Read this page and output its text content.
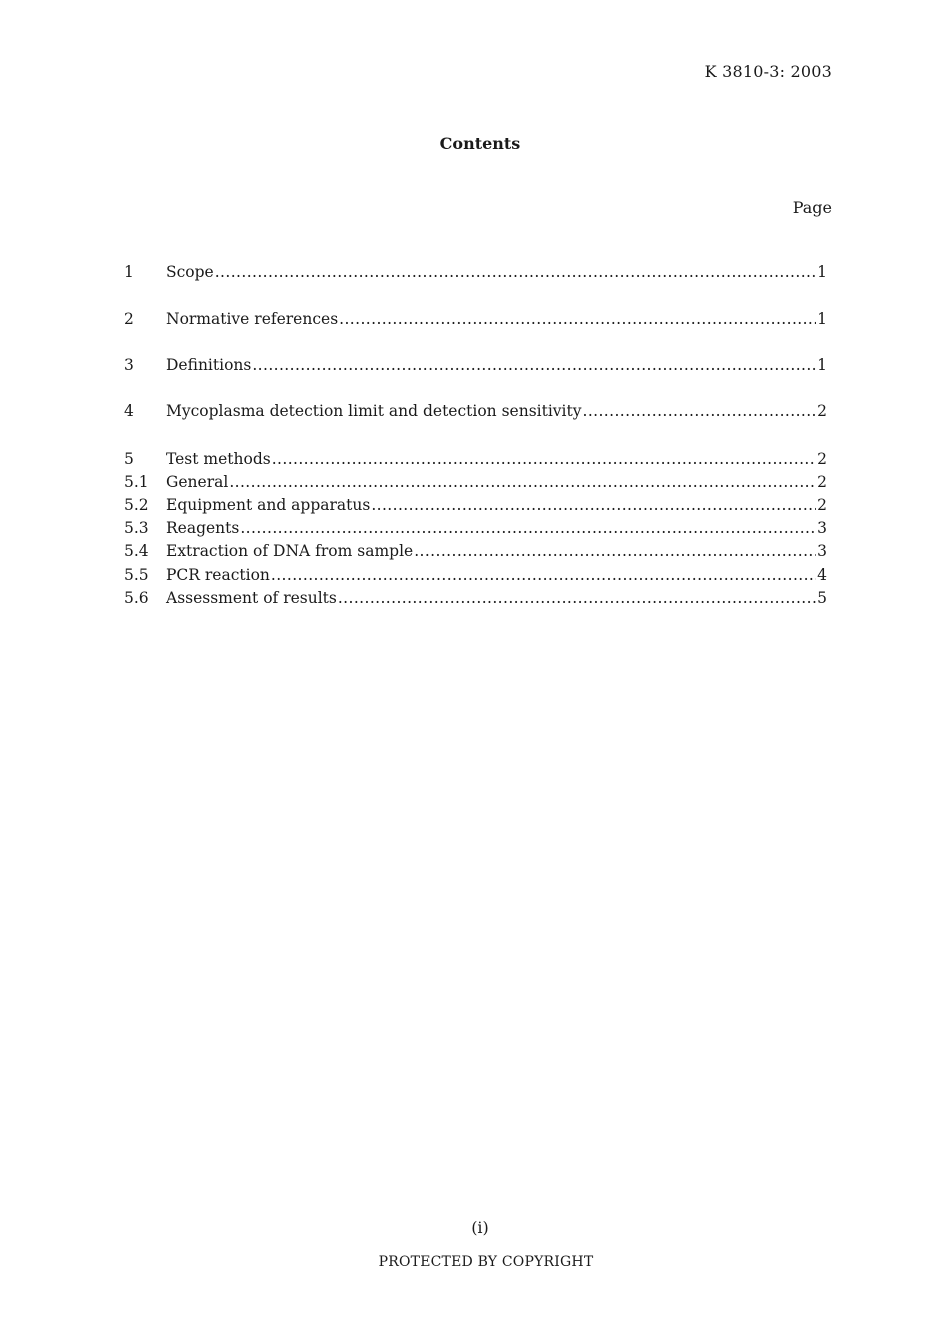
K 3810-3: 2003
Contents
Page
1	Scope .....	1
2	Normative references .....	1
3	Definitions .....	1
4	Mycoplasma detection limit and detection sensitivity .....	2
5	Test methods .....	2
5.1	General .....	2
5.2	Equipment and apparatus .....	2
5.3	Reagents .....	3
5.4	Extraction of DNA from sample .....	3
5.5	PCR reaction .....	4
5.6	Assessment of results .....	5
(i)
PROTECTED BY COPYRIGHT
